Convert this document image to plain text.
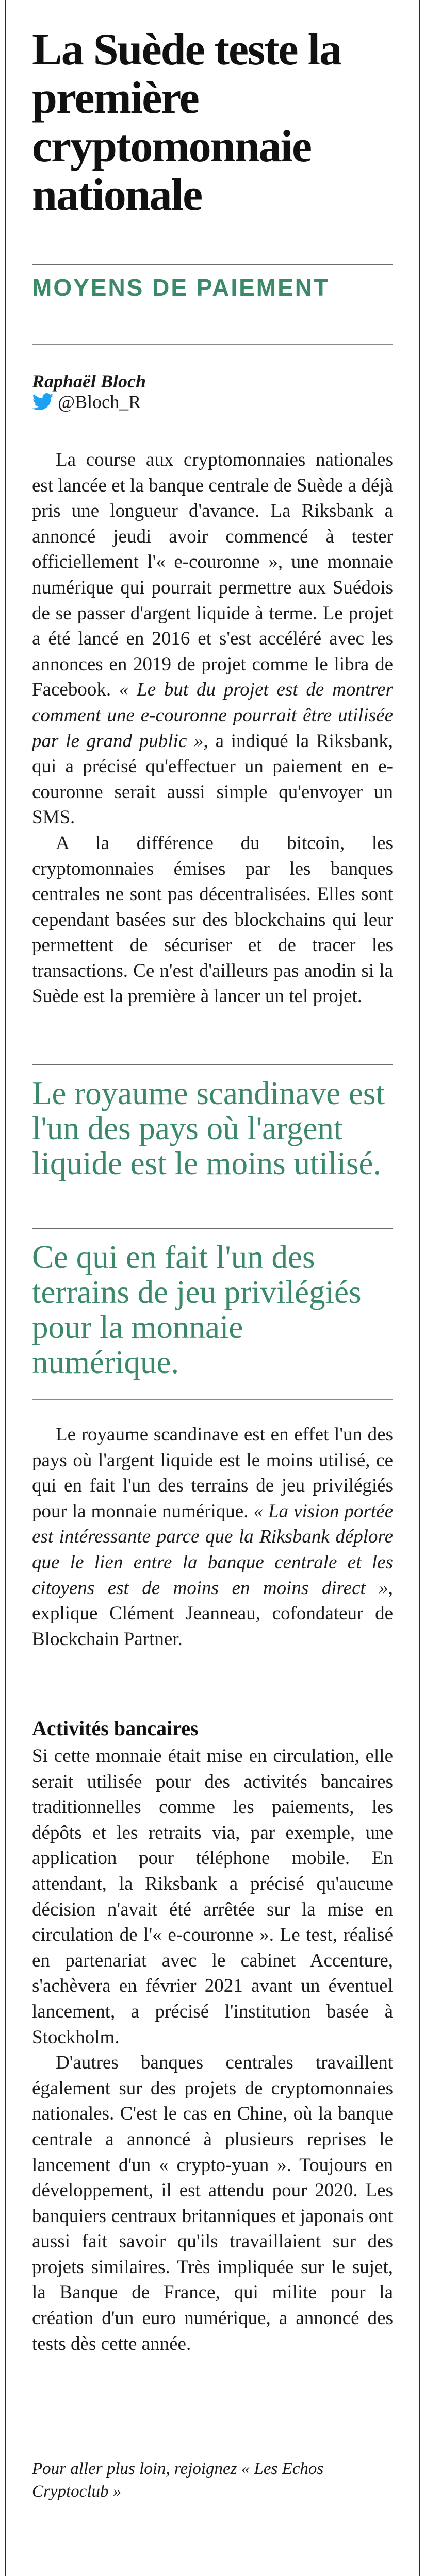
La Suède teste la première cryptomonnaie nationale

MOYENS DE PAIEMENT

Raphaël Bloch
@Bloch_R

La course aux cryptomonnaies nationales est lancée et la banque centrale de Suède a déjà pris une longueur d'avance. La Riksbank a annoncé jeudi avoir commencé à tester officiellement l'« e-couronne », une monnaie numérique qui pourrait permettre aux Suédois de se passer d'argent liquide à terme. Le projet a été lancé en 2016 et s'est accéléré avec les annonces en 2019 de projet comme le libra de Facebook. « Le but du projet est de montrer comment une e-couronne pourrait être utilisée par le grand public », a indiqué la Riksbank, qui a précisé qu'effectuer un paiement en e-couronne serait aussi simple qu'envoyer un SMS.

A la différence du bitcoin, les cryptomonnaies émises par les banques centrales ne sont pas décentralisées. Elles sont cependant basées sur des blockchains qui leur permettent de sécuriser et de tracer les transactions. Ce n'est d'ailleurs pas anodin si la Suède est la première à lancer un tel projet.

Le royaume scandinave est l'un des pays où l'argent liquide est le moins utilisé.

Ce qui en fait l'un des terrains de jeu privilégiés pour la monnaie numérique.

Le royaume scandinave est en effet l'un des pays où l'argent liquide est le moins utilisé, ce qui en fait l'un des terrains de jeu privilégiés pour la monnaie numérique. « La vision portée est intéressante parce que la Riksbank déplore que le lien entre la banque centrale et les citoyens est de moins en moins direct », explique Clément Jeanneau, cofondateur de Blockchain Partner.

Activités bancaires

Si cette monnaie était mise en circulation, elle serait utilisée pour des activités bancaires traditionnelles comme les paiements, les dépôts et les retraits via, par exemple, une application pour téléphone mobile. En attendant, la Riksbank a précisé qu'aucune décision n'avait été arrêtée sur la mise en circulation de l'« e-couronne ». Le test, réalisé en partenariat avec le cabinet Accenture, s'achèvera en février 2021 avant un éventuel lancement, a précisé l'institution basée à Stockholm.

D'autres banques centrales travaillent également sur des projets de cryptomonnaies nationales. C'est le cas en Chine, où la banque centrale a annoncé à plusieurs reprises le lancement d'un « crypto-yuan ». Toujours en développement, il est attendu pour 2020. Les banquiers centraux britanniques et japonais ont aussi fait savoir qu'ils travaillaient sur des projets similaires. Très impliquée sur le sujet, la Banque de France, qui milite pour la création d'un euro numérique, a annoncé des tests dès cette année.

Pour aller plus loin, rejoignez « Les Echos Cryptoclub »
